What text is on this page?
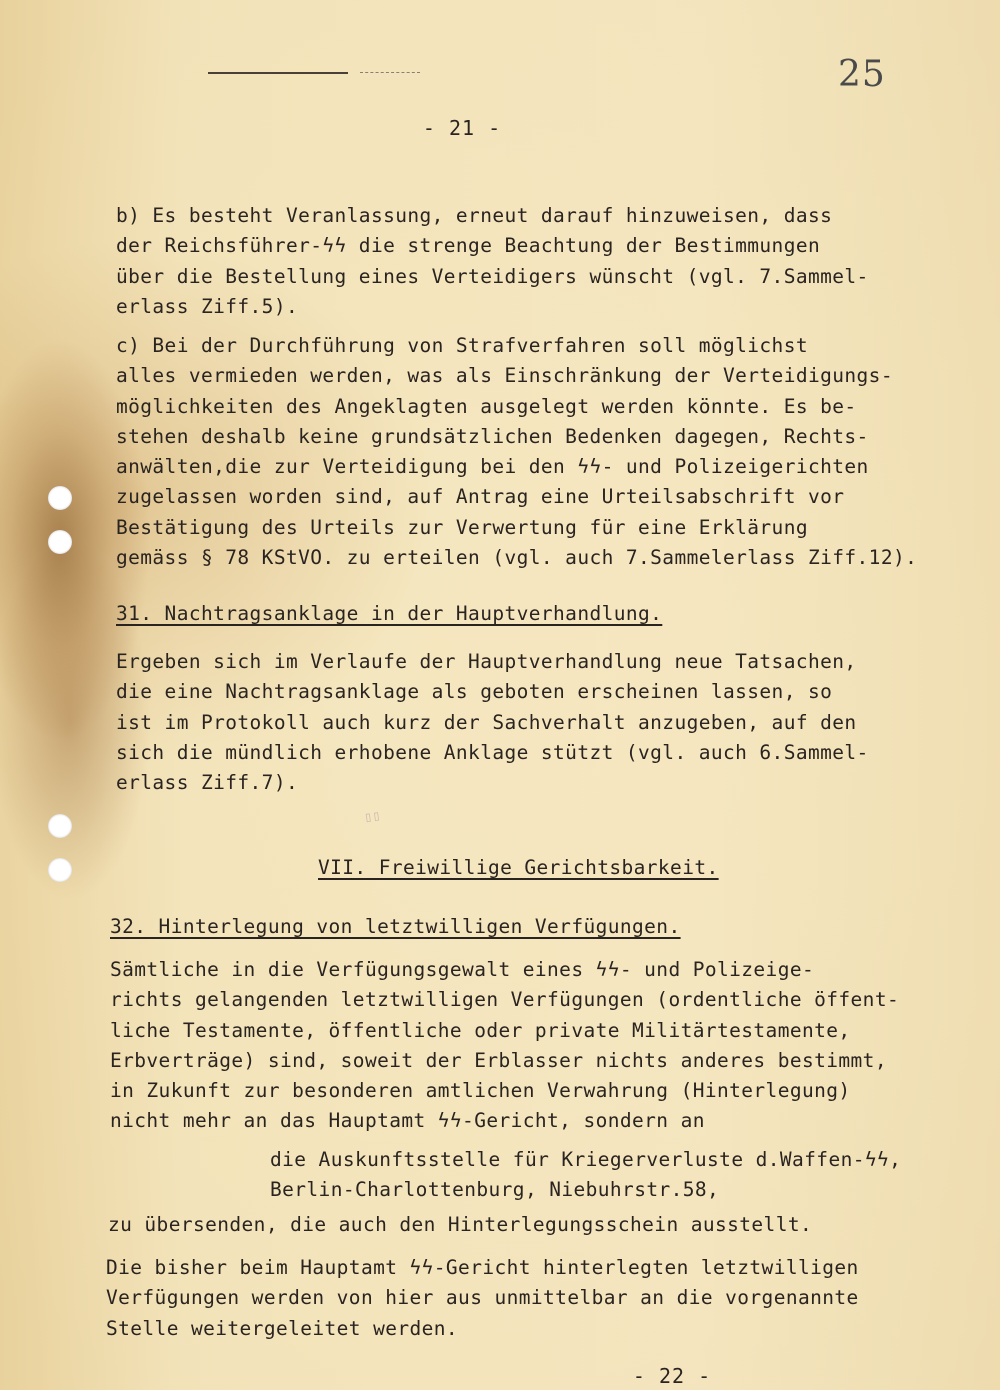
25
- 21 -
b) Es besteht Veranlassung, erneut darauf hinzuweisen, dass
der Reichsführer-ϟϟ die strenge Beachtung der Bestimmungen
über die Bestellung eines Verteidigers wünscht (vgl. 7.Sammel-
erlass Ziff.5).
c) Bei der Durchführung von Strafverfahren soll möglichst
alles vermieden werden, was als Einschränkung der Verteidigungs-
möglichkeiten des Angeklagten ausgelegt werden könnte. Es be-
stehen deshalb keine grundsätzlichen Bedenken dagegen, Rechts-
anwälten,die zur Verteidigung bei den ϟϟ- und Polizeigerichten
zugelassen worden sind, auf Antrag eine Urteilsabschrift vor
Bestätigung des Urteils zur Verwertung für eine Erklärung
gemäss § 78 KStVO. zu erteilen (vgl. auch 7.Sammelerlass Ziff.12).
31. Nachtragsanklage in der Hauptverhandlung.
Ergeben sich im Verlaufe der Hauptverhandlung neue Tatsachen,
die eine Nachtragsanklage als geboten erscheinen lassen, so
ist im Protokoll auch kurz der Sachverhalt anzugeben, auf den
sich die mündlich erhobene Anklage stützt (vgl. auch 6.Sammel-
erlass Ziff.7).
▯▯
VII. Freiwillige Gerichtsbarkeit.
32. Hinterlegung von letztwilligen Verfügungen.
Sämtliche in die Verfügungsgewalt eines ϟϟ- und Polizeige-
richts gelangenden letztwilligen Verfügungen (ordentliche öffent-
liche Testamente, öffentliche oder private Militärtestamente,
Erbverträge) sind, soweit der Erblasser nichts anderes bestimmt,
in Zukunft zur besonderen amtlichen Verwahrung (Hinterlegung)
nicht mehr an das Hauptamt ϟϟ-Gericht, sondern an
die Auskunftsstelle für Kriegerverluste d.Waffen-ϟϟ,
Berlin-Charlottenburg, Niebuhrstr.58,
zu übersenden, die auch den Hinterlegungsschein ausstellt.
Die bisher beim Hauptamt ϟϟ-Gericht hinterlegten letztwilligen
Verfügungen werden von hier aus unmittelbar an die vorgenannte
Stelle weitergeleitet werden.
- 22 -
